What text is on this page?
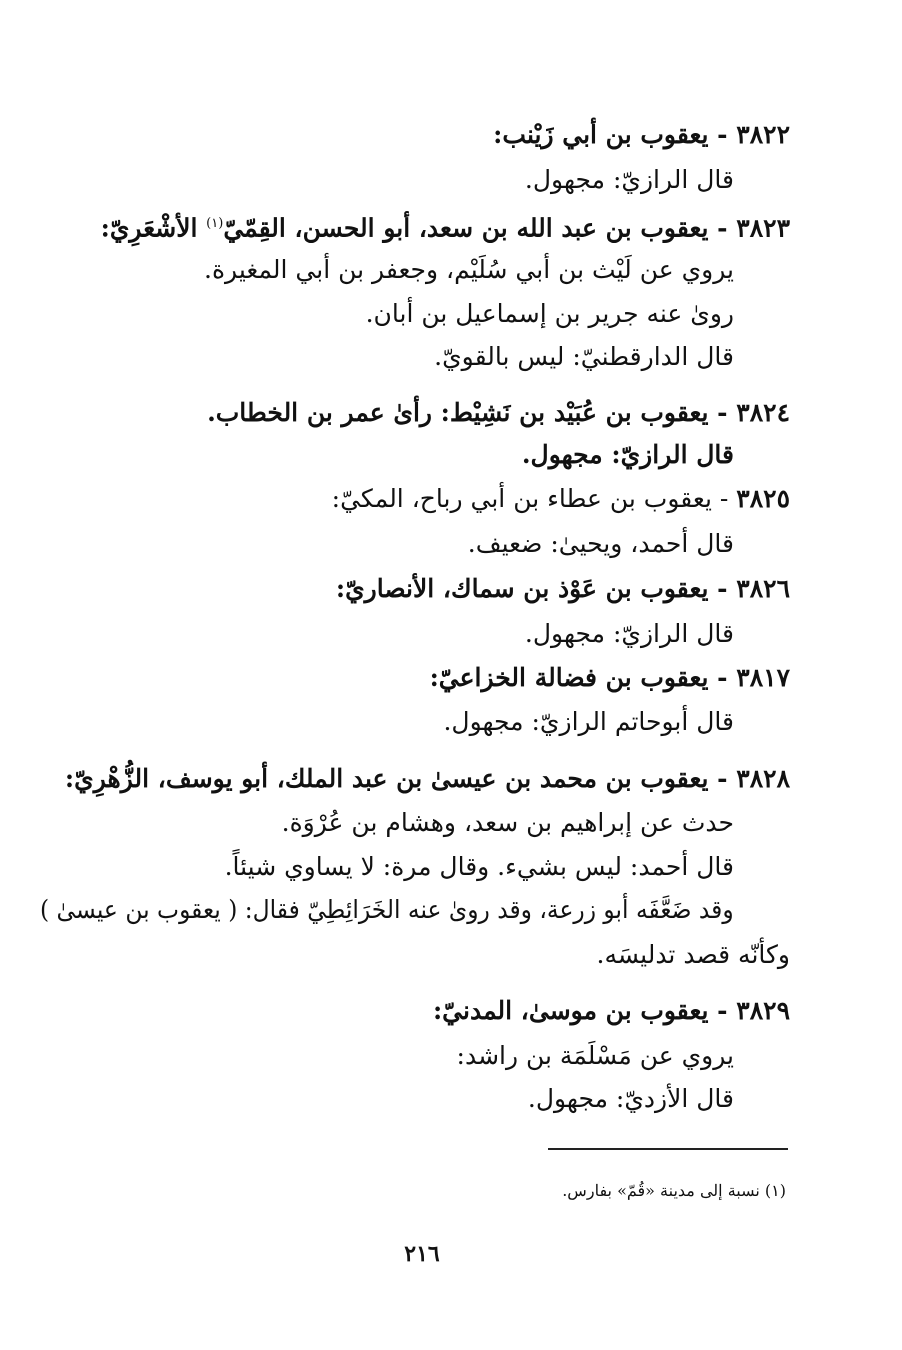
٣٨٢٢ - يعقوب بن أبي زَيْنب:
قال الرازيّ: مجهول.
٣٨٢٣ - يعقوب بن عبد الله بن سعد، أبو الحسن، القِمّيّ$^{(١)}$ الأشْعَرِيّ:
يروي عن لَيْث بن أبي سُلَيْم، وجعفر بن أبي المغيرة.
روىٰ عنه جرير بن إسماعيل بن أبان.
قال الدارقطنيّ: ليس بالقويّ.
٣٨٢٤ - يعقوب بن عُبَيْد بن نَشِيْط: رأىٰ عمر بن الخطاب.
قال الرازيّ: مجهول.
٣٨٢٥ - يعقوب بن عطاء بن أبي رباح، المكيّ:
قال أحمد، ويحيىٰ: ضعيف.
٣٨٢٦ - يعقوب بن عَوْذ بن سماك، الأنصاريّ:
قال الرازيّ: مجهول.
٣٨١٧ - يعقوب بن فضالة الخزاعيّ:
قال أبوحاتم الرازيّ: مجهول.
٣٨٢٨ - يعقوب بن محمد بن عيسىٰ بن عبد الملك، أبو يوسف، الزُّهْرِيّ:
حدث عن إبراهيم بن سعد، وهشام بن عُرْوَة.
قال أحمد: ليس بشيء. وقال مرة: لا يساوي شيئاً.
وقد ضَعَّفَه أبو زرعة، وقد روىٰ عنه الخَرَائِطِيّ فقال: ( يعقوب بن عيسىٰ )
وكأنّه قصد تدليسَه.
٣٨٢٩ - يعقوب بن موسىٰ، المدنيّ:
يروي عن مَسْلَمَة بن راشد:
قال الأزديّ: مجهول.
(١) نسبة إلى مدينة «قُمّ» بفارس.
٢١٦
